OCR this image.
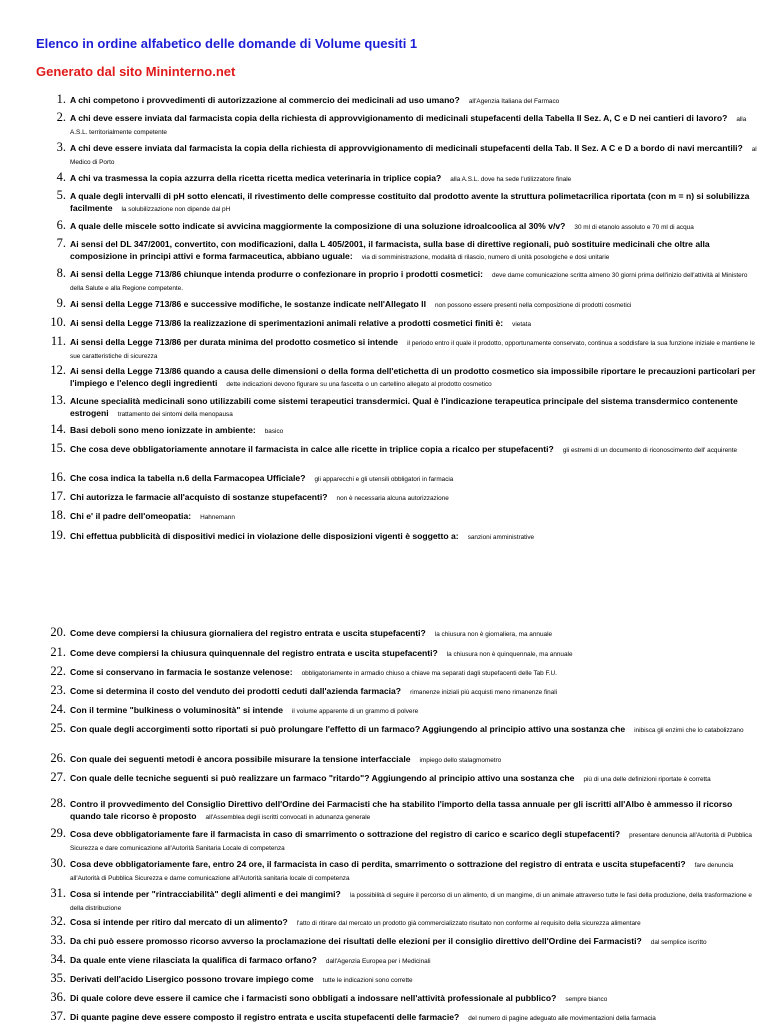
Elenco in ordine alfabetico delle domande di Volume quesiti 1
Generato dal sito Mininterno.net
1. A chi competono i provvedimenti di autorizzazione al commercio dei medicinali ad uso umano? all'Agenzia Italiana del Farmaco
2. A chi deve essere inviata dal farmacista copia della richiesta di approvvigionamento di medicinali stupefacenti della Tabella II Sez. A, C e D nei cantieri di lavoro? alla A.S.L. territorialmente competente
3. A chi deve essere inviata dal farmacista la copia della richiesta di approvvigionamento di medicinali stupefacenti della Tab. II Sez. A C e D a bordo di navi mercantili? al Medico di Porto
4. A chi va trasmessa la copia azzurra della ricetta ricetta medica veterinaria in triplice copia? alla A.S.L. dove ha sede l'utilizzatore finale
5. A quale degli intervalli di pH sotto elencati, il rivestimento delle compresse costituito dal prodotto avente la struttura polimetacrilica riportata (con m = n) si solubilizza facilmente la solubilizzazione non dipende dal pH
6. A quale delle miscele sotto indicate si avvicina maggiormente la composizione di una soluzione idroalcoolica al 30% v/v? 30 ml di etanolo assoluto e 70 ml di acqua
7. Ai sensi del DL 347/2001, convertito, con modificazioni, dalla L 405/2001, il farmacista, sulla base di direttive regionali, può sostituire medicinali che oltre alla composizione in principi attivi e forma farmaceutica, abbiano uguale: via di somministrazione, modalità di rilascio, numero di unità posologiche e dosi unitarie
8. Ai sensi della Legge 713/86 chiunque intenda produrre o confezionare in proprio i prodotti cosmetici: deve darne comunicazione scritta almeno 30 giorni prima dell'inizio dell'attività al Ministero della Salute e alla Regione competente.
9. Ai sensi della Legge 713/86 e successive modifiche, le sostanze indicate nell'Allegato II non possono essere presenti nella composizione di prodotti cosmetici
10. Ai sensi della Legge 713/86 la realizzazione di sperimentazioni animali relative a prodotti cosmetici finiti è: vietata
11. Ai sensi della Legge 713/86 per durata minima del prodotto cosmetico si intende il periodo entro il quale il prodotto, opportunamente conservato, continua a soddisfare la sua funzione iniziale e mantiene le sue caratteristiche di sicurezza
12. Ai sensi della Legge 713/86 quando a causa delle dimensioni o della forma dell'etichetta di un prodotto cosmetico sia impossibile riportare le precauzioni particolari per l'impiego e l'elenco degli ingredienti dette indicazioni devono figurare su una fascetta o un cartellino allegato al prodotto cosmetico
13. Alcune specialità medicinali sono utilizzabili come sistemi terapeutici transdermici. Qual è l'indicazione terapeutica principale del sistema transdermico contenente estrogeni trattamento dei sintomi della menopausa
14. Basi deboli sono meno ionizzate in ambiente: basico
15. Che cosa deve obbligatoriamente annotare il farmacista in calce alle ricette in triplice copia a ricalco per stupefacenti? gli estremi di un documento di riconoscimento dell' acquirente
16. Che cosa indica la tabella n.6 della Farmacopea Ufficiale? gli apparecchi e gli utensili obbligatori in farmacia
17. Chi autorizza le farmacie all'acquisto di sostanze stupefacenti? non è necessaria alcuna autorizzazione
18. Chi e' il padre dell'omeopatia: Hahnemann
19. Chi effettua pubblicità di dispositivi medici in violazione delle disposizioni vigenti è soggetto a: sanzioni amministrative
20. Come deve compiersi la chiusura giornaliera del registro entrata e uscita stupefacenti? la chiusura non è giornaliera, ma annuale
21. Come deve compiersi la chiusura quinquennale del registro entrata e uscita stupefacenti? la chiusura non è quinquennale, ma annuale
22. Come si conservano in farmacia le sostanze velenose: obbligatoriamente in armadio chiuso a chiave ma separati dagli stupefacenti delle Tab F.U.
23. Come si determina il costo del venduto dei prodotti ceduti dall'azienda farmacia? rimanenze iniziali più acquisti meno rimanenze finali
24. Con il termine "bulkiness o voluminosità" si intende il volume apparente di un grammo di polvere
25. Con quale degli accorgimenti sotto riportati si può prolungare l'effetto di un farmaco? Aggiungendo al principio attivo una sostanza che inibisca gli enzimi che lo catabolizzano
26. Con quale dei seguenti metodi è ancora possibile misurare la tensione interfacciale impiego dello stalagmometro
27. Con quale delle tecniche seguenti si può realizzare un farmaco "ritardo"? Aggiungendo al principio attivo una sostanza che più di una delle definizioni riportate è corretta
28. Contro il provvedimento del Consiglio Direttivo dell'Ordine dei Farmacisti che ha stabilito l'importo della tassa annuale per gli iscritti all'Albo è ammesso il ricorso quando tale ricorso è proposto all'Assemblea degli iscritti convocati in adunanza generale
29. Cosa deve obbligatoriamente fare il farmacista in caso di smarrimento o sottrazione del registro di carico e scarico degli stupefacenti? presentare denuncia all'Autorità di Pubblica Sicurezza e dare comunicazione all'Autorità Sanitaria Locale di competenza
30. Cosa deve obbligatoriamente fare, entro 24 ore, il farmacista in caso di perdita, smarrimento o sottrazione del registro di entrata e uscita stupefacenti? fare denuncia all'Autorità di Pubblica Sicurezza e darne comunicazione all'Autorità sanitaria locale di competenza
31. Cosa si intende per "rintracciabilità" degli alimenti e dei mangimi? la possibilità di seguire il percorso di un alimento, di un mangime, di un animale attraverso tutte le fasi della produzione, della trasformazione e della distribuzione
32. Cosa si intende per ritiro dal mercato di un alimento? l'atto di ritirare dal mercato un prodotto già commercializzato risultato non conforme al requisito della sicurezza alimentare
33. Da chi può essere promosso ricorso avverso la proclamazione dei risultati delle elezioni per il consiglio direttivo dell'Ordine dei Farmacisti? dal semplice iscritto
34. Da quale ente viene rilasciata la qualifica di farmaco orfano? dall'Agenzia Europea per i Medicinali
35. Derivati dell'acido Lisergico possono trovare impiego come tutte le indicazioni sono corrette
36. Di quale colore deve essere il camice che i farmacisti sono obbligati a indossare nell'attività professionale al pubblico? sempre bianco
37. Di quante pagine deve essere composto il registro entrata e uscita stupefacenti delle farmacie? del numero di pagine adeguato alle movimentazioni della farmacia
